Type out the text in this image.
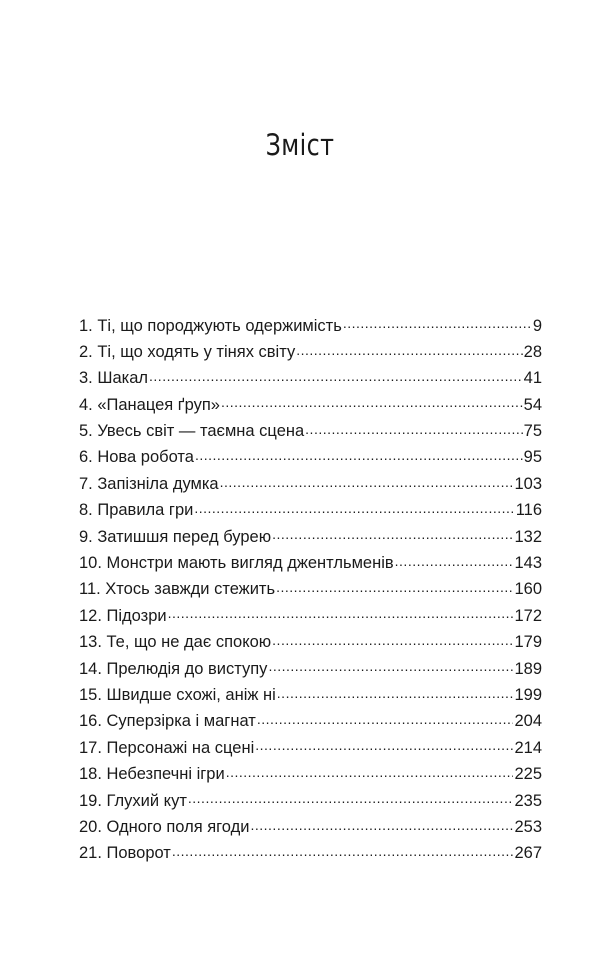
Зміст
1. Ті, що породжують одержимість .....	9
2. Ті, що ходять у тінях світу .....	28
3. Шакал .....	41
4. «Панацея ґруп» .....	54
5. Увесь світ — таємна сцена .....	75
6. Нова робота .....	95
7. Запізніла думка .....	103
8. Правила гри .....	116
9. Затишшя перед бурею .....	132
10. Монстри мають вигляд джентльменів .....	143
11. Хтось завжди стежить .....	160
12. Підозри .....	172
13. Те, що не дає спокою .....	179
14. Прелюдія до виступу .....	189
15. Швидше схожі, аніж ні .....	199
16. Суперзірка і магнат .....	204
17. Персонажі на сцені .....	214
18. Небезпечні ігри .....	225
19. Глухий кут .....	235
20. Одного поля ягоди .....	253
21. Поворот .....	267
